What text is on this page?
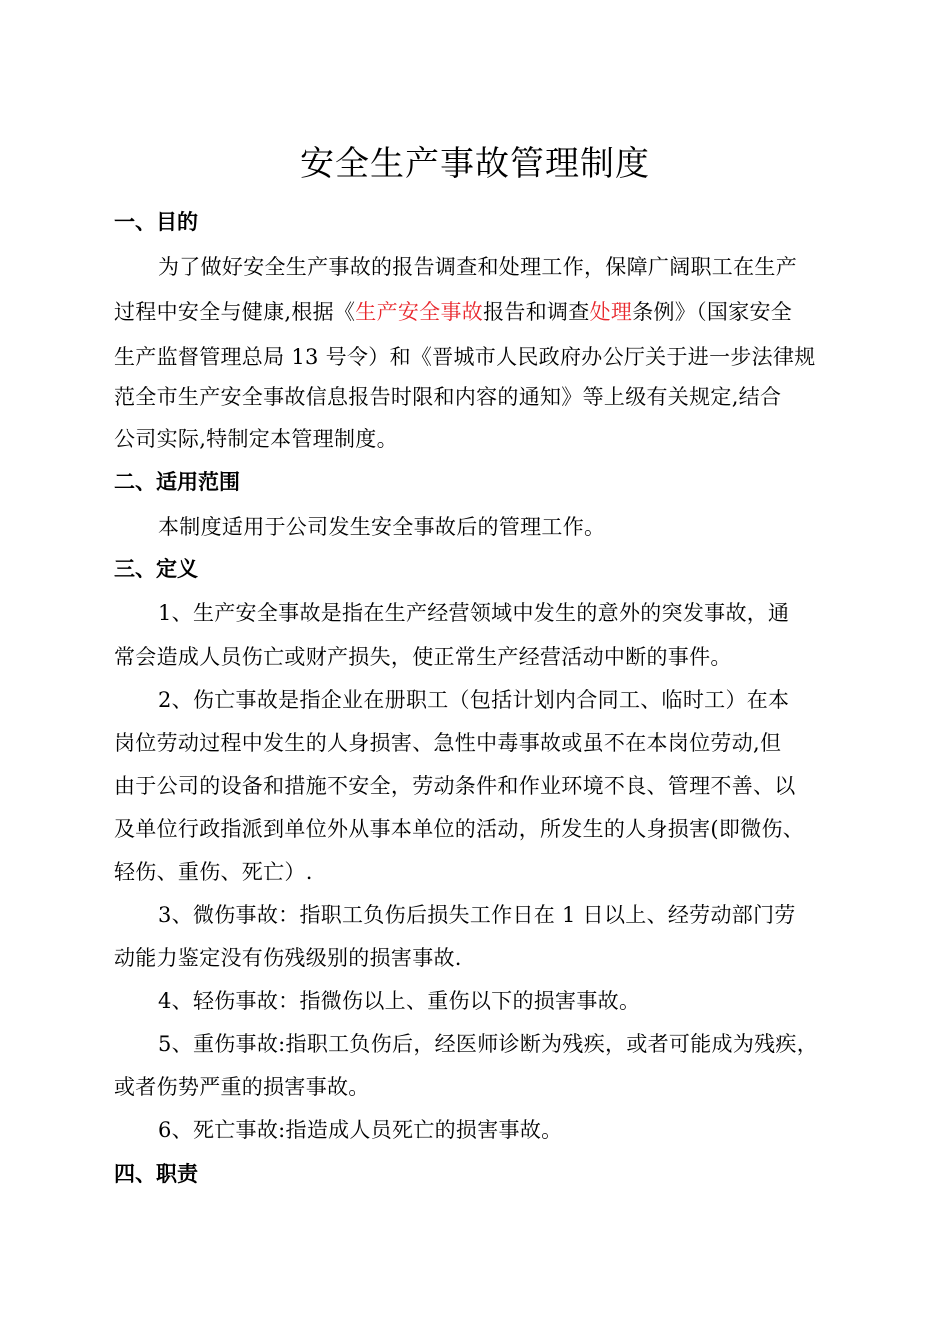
安全生产事故管理制度
一、目的

为了做好安全生产事故的报告调查和处理工作，保障广阔职工在生产

过程中安全与健康,根据《生产安全事故报告和调查处理条例》（国家安全

生产监督管理总局 13 号令）和《晋城市人民政府办公厅关于进一步法律规

范全市生产安全事故信息报告时限和内容的通知》等上级有关规定,结合

公司实际,特制定本管理制度。

二、适用范围

本制度适用于公司发生安全事故后的管理工作。

三、定义

1、生产安全事故是指在生产经营领域中发生的意外的突发事故，通

常会造成人员伤亡或财产损失，使正常生产经营活动中断的事件。

2、伤亡事故是指企业在册职工（包括计划内合同工、临时工）在本

岗位劳动过程中发生的人身损害、急性中毒事故或虽不在本岗位劳动,但

由于公司的设备和措施不安全，劳动条件和作业环境不良、管理不善、以

及单位行政指派到单位外从事本单位的活动，所发生的人身损害(即微伤、

轻伤、重伤、死亡）.

3、微伤事故：指职工负伤后损失工作日在 1 日以上、经劳动部门劳

动能力鉴定没有伤残级别的损害事故.

4、轻伤事故：指微伤以上、重伤以下的损害事故。

5、重伤事故:指职工负伤后，经医师诊断为残疾，或者可能成为残疾，

或者伤势严重的损害事故。

6、死亡事故:指造成人员死亡的损害事故。

四、职责
